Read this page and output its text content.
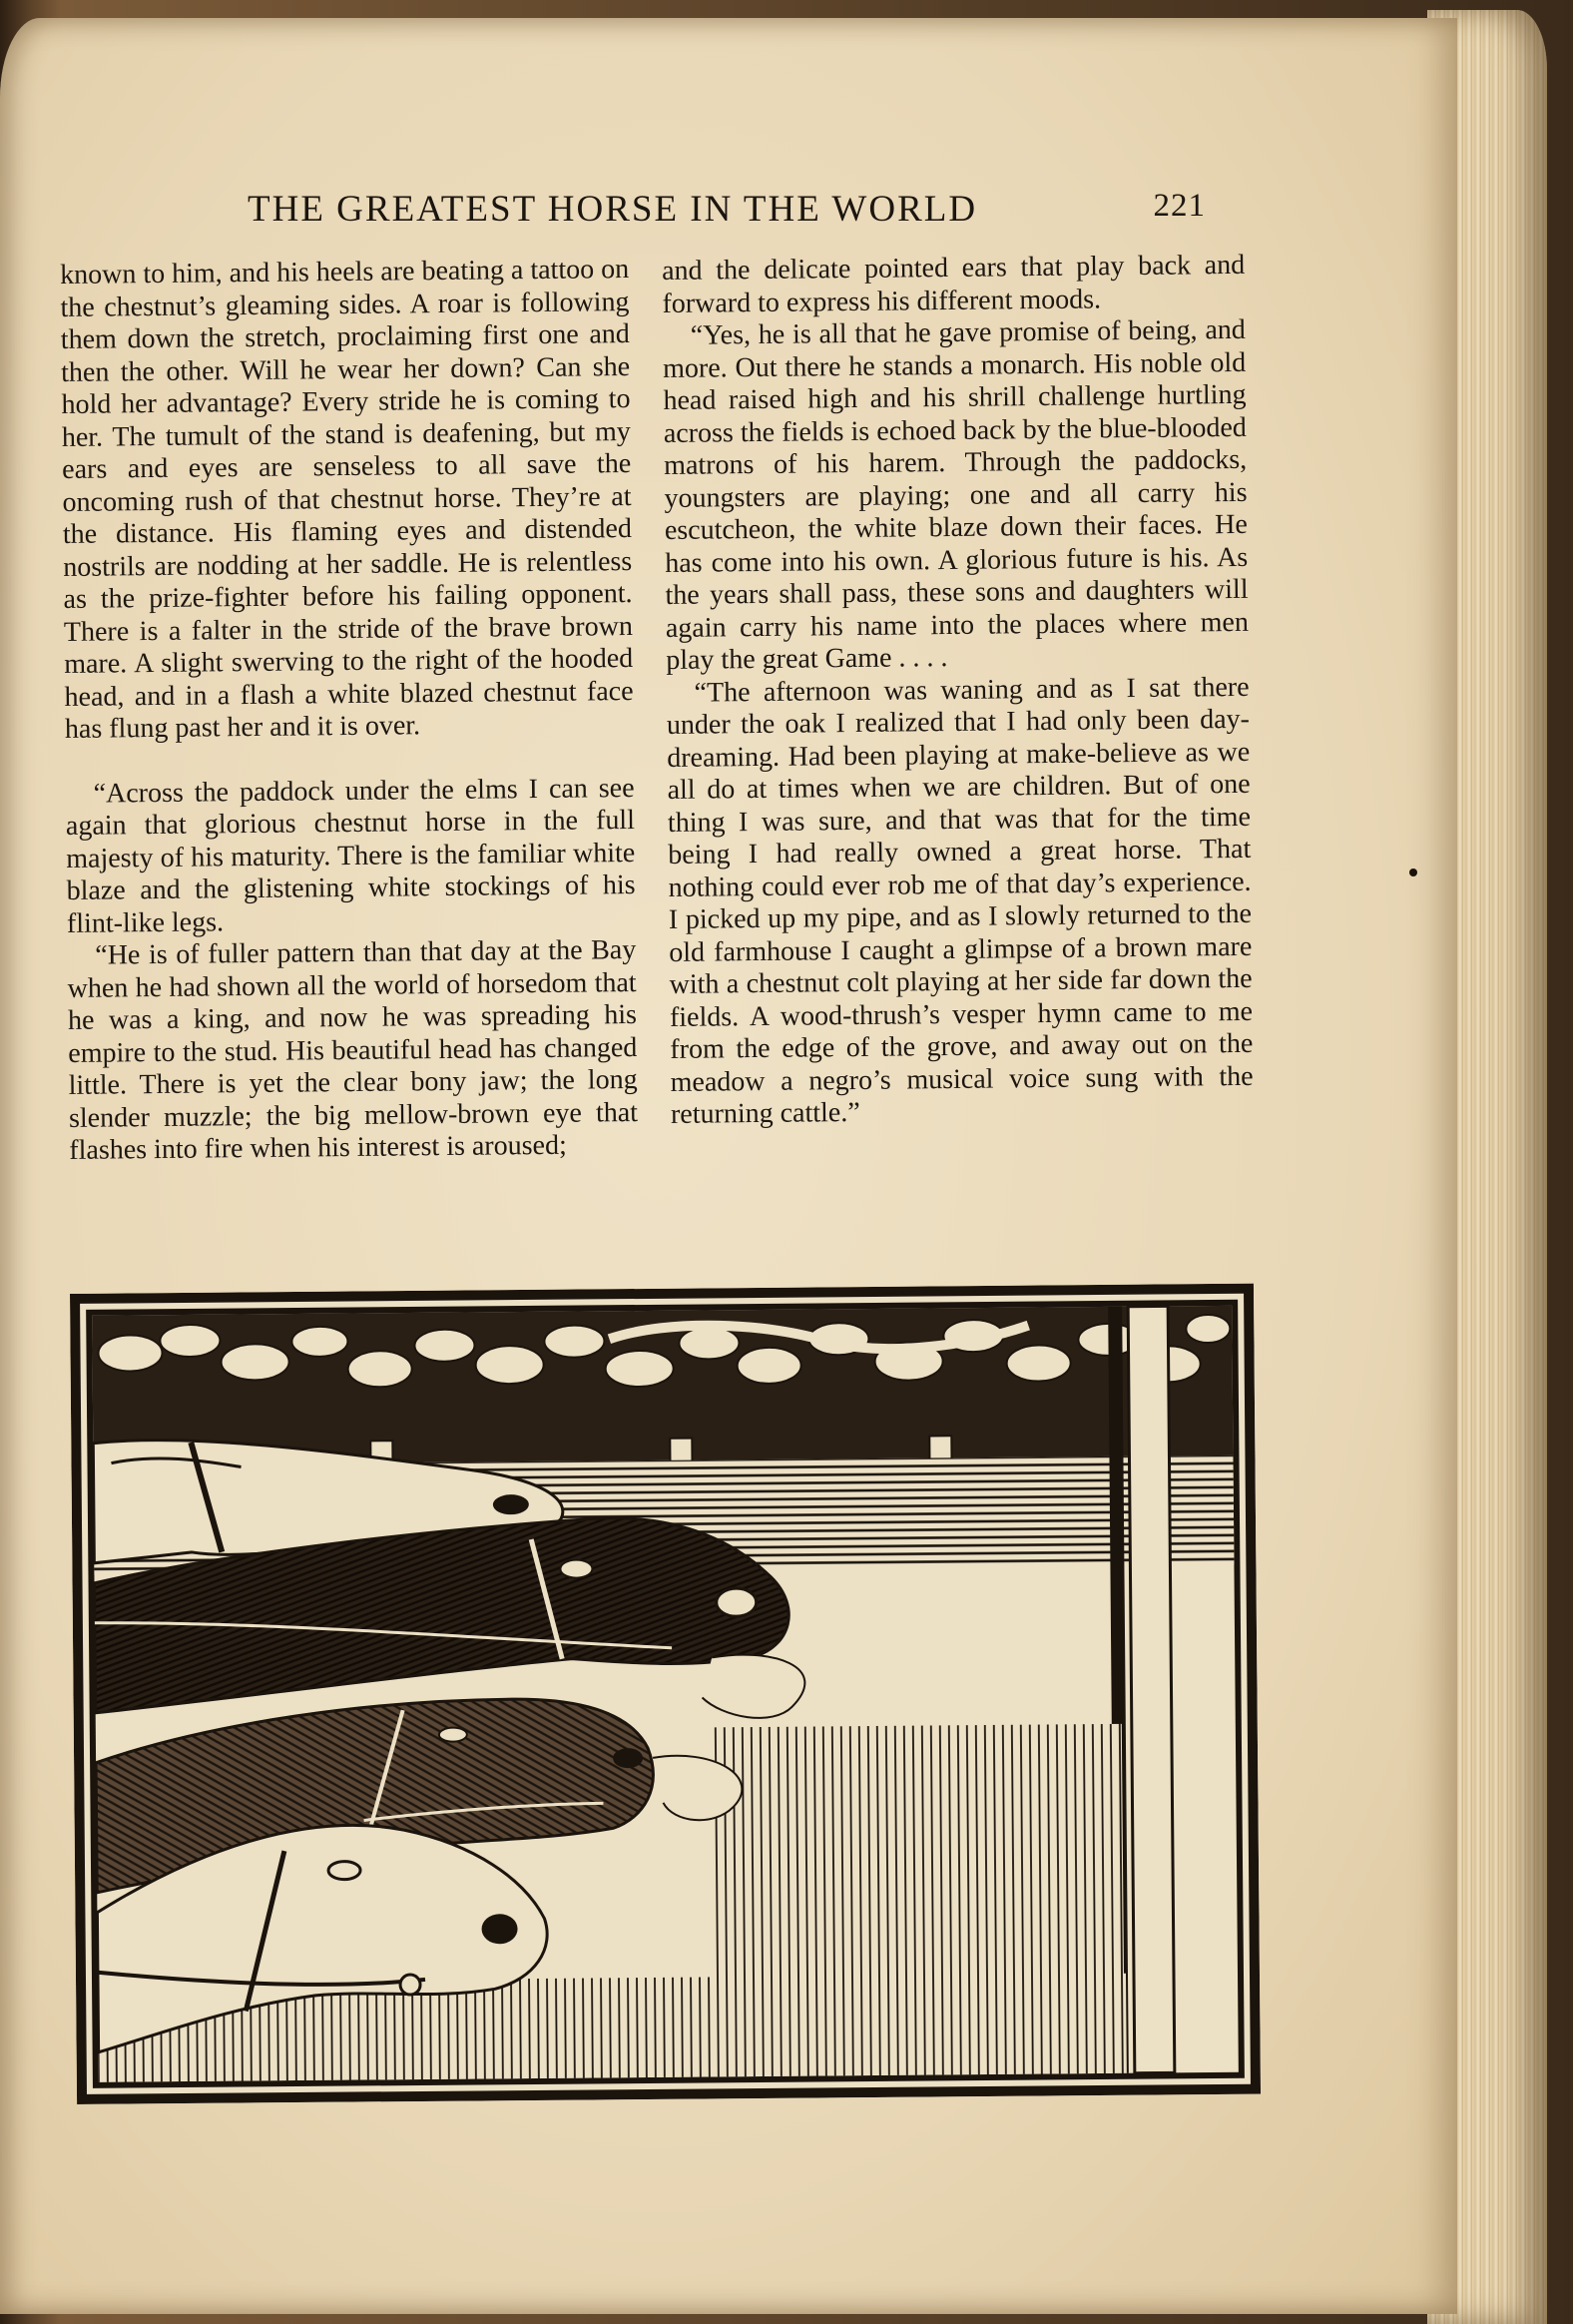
THE GREATEST HORSE IN THE WORLD	221

known to him, and his heels are beating a tattoo on the chestnut’s gleaming sides. A roar is following them down the stretch, proclaiming first one and then the other. Will he wear her down? Can she hold her advantage? Every stride he is coming to her. The tumult of the stand is deafening, but my ears and eyes are senseless to all save the oncoming rush of that chestnut horse. They’re at the distance. His flaming eyes and distended nostrils are nodding at her saddle. He is relentless as the prize-fighter before his failing opponent. There is a falter in the stride of the brave brown mare. A slight swerving to the right of the hooded head, and in a flash a white blazed chestnut face has flung past her and it is over.

“Across the paddock under the elms I can see again that glorious chestnut horse in the full majesty of his maturity. There is the familiar white blaze and the glistening white stockings of his flint-like legs.

“He is of fuller pattern than that day at the Bay when he had shown all the world of horsedom that he was a king, and now he was spreading his empire to the stud. His beautiful head has changed little. There is yet the clear bony jaw; the long slender muzzle; the big mellow-brown eye that flashes into fire when his interest is aroused;

and the delicate pointed ears that play back and forward to express his different moods.

“Yes, he is all that he gave promise of being, and more. Out there he stands a monarch. His noble old head raised high and his shrill challenge hurtling across the fields is echoed back by the blue-blooded matrons of his harem. Through the paddocks, youngsters are playing; one and all carry his escutcheon, the white blaze down their faces. He has come into his own. A glorious future is his. As the years shall pass, these sons and daughters will again carry his name into the places where men play the great Game . . . .

“The afternoon was waning and as I sat there under the oak I realized that I had only been day-dreaming. Had been playing at make-believe as we all do at times when we are children. But of one thing I was sure, and that was that for the time being I had really owned a great horse. That nothing could ever rob me of that day’s experience. I picked up my pipe, and as I slowly returned to the old farmhouse I caught a glimpse of a brown mare with a chestnut colt playing at her side far down the fields. A wood-thrush’s vesper hymn came to me from the edge of the grove, and away out on the meadow a negro’s musical voice sung with the returning cattle.”
